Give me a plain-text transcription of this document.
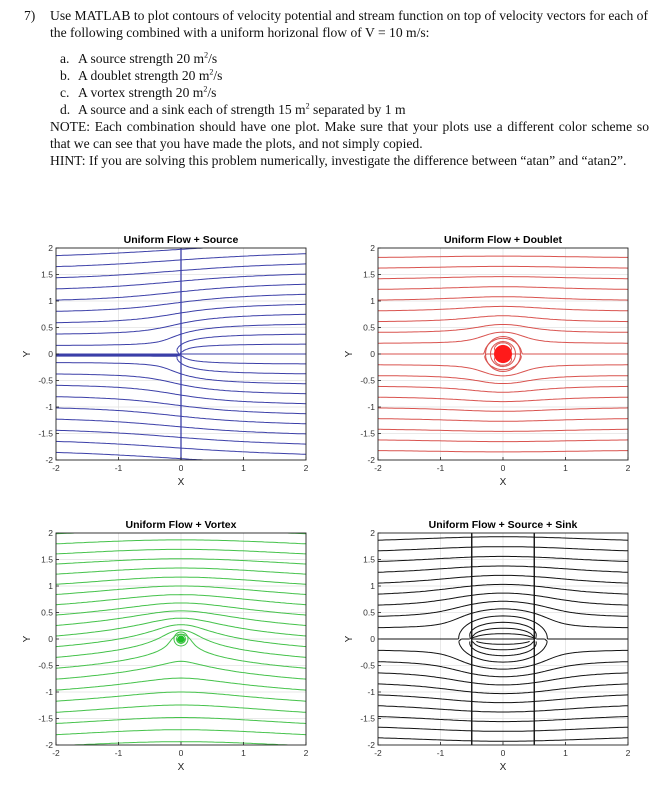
7) Use MATLAB to plot contours of velocity potential and stream function on top of velocity vectors for each of the following combined with a uniform horizonal flow of V = 10 m/s:
a. A source strength 20 $m^2/s$
b. A doublet strength 20 $m^2/s$
c. A vortex strength 20 $m^2/s$
d. A source and a sink each of strength 15 $m^2$ separated by 1 m
NOTE: Each combination should have one plot. Make sure that your plots use a different color scheme so that we can see that you have made the plots, and not simply copied.
HINT: If you are solving this problem numerically, investigate the difference between “atan” and “atan2”.
-2	-1	0	1	2
2
1.5
1
0.5
0
-0.5
-1
-1.5
-2
Uniform Flow + Source
X
Y
-2	-1	0	1	2
2
1.5
1
0.5
0
-0.5
-1
-1.5
-2
Uniform Flow + Doublet
X
Y
-2	-1	0	1	2
2
1.5
1
0.5
0
-0.5
-1
-1.5
-2
Uniform Flow + Vortex
X
Y
-2	-1	0	1	2
2
1.5
1
0.5
0
-0.5
-1
-1.5
-2
Uniform Flow + Source + Sink
X
Y
